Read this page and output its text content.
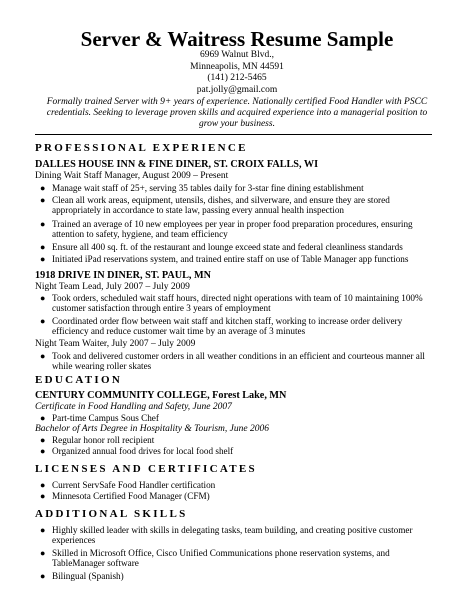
Server & Waitress Resume Sample
6969 Walnut Blvd.,
Minneapolis, MN 44591
(141) 212-5465
pat.jolly@gmail.com
Formally trained Server with 9+ years of experience. Nationally certified Food Handler with PSCC credentials. Seeking to leverage proven skills and acquired experience into a managerial position to grow your business.
PROFESSIONAL EXPERIENCE
DALLES HOUSE INN & FINE DINER, ST. CROIX FALLS, WI
Dining Wait Staff Manager, August 2009 – Present
● Manage wait staff of 25+, serving 35 tables daily for 3-star fine dining establishment
● Clean all work areas, equipment, utensils, dishes, and silverware, and ensure they are stored appropriately in accordance to state law, passing every annual health inspection
● Trained an average of 10 new employees per year in proper food preparation procedures, ensuring attention to safety, hygiene, and team efficiency
● Ensure all 400 sq. ft. of the restaurant and lounge exceed state and federal cleanliness standards
● Initiated iPad reservations system, and trained entire staff on use of Table Manager app functions
1918 DRIVE IN DINER, ST. PAUL, MN
Night Team Lead, July 2007 – July 2009
● Took orders, scheduled wait staff hours, directed night operations with team of 10 maintaining 100% customer satisfaction through entire 3 years of employment
● Coordinated order flow between wait staff and kitchen staff, working to increase order delivery efficiency and reduce customer wait time by an average of 3 minutes
Night Team Waiter, July 2007 – July 2009
● Took and delivered customer orders in all weather conditions in an efficient and courteous manner all while wearing roller skates
EDUCATION
CENTURY COMMUNITY COLLEGE, Forest Lake, MN
Certificate in Food Handling and Safety, June 2007
● Part-time Campus Sous Chef
Bachelor of Arts Degree in Hospitality & Tourism, June 2006
● Regular honor roll recipient
● Organized annual food drives for local food shelf
LICENSES AND CERTIFICATES
● Current ServSafe Food Handler certification
● Minnesota Certified Food Manager (CFM)
ADDITIONAL SKILLS
● Highly skilled leader with skills in delegating tasks, team building, and creating positive customer experiences
● Skilled in Microsoft Office, Cisco Unified Communications phone reservation systems, and TableManager software
● Bilingual (Spanish)
